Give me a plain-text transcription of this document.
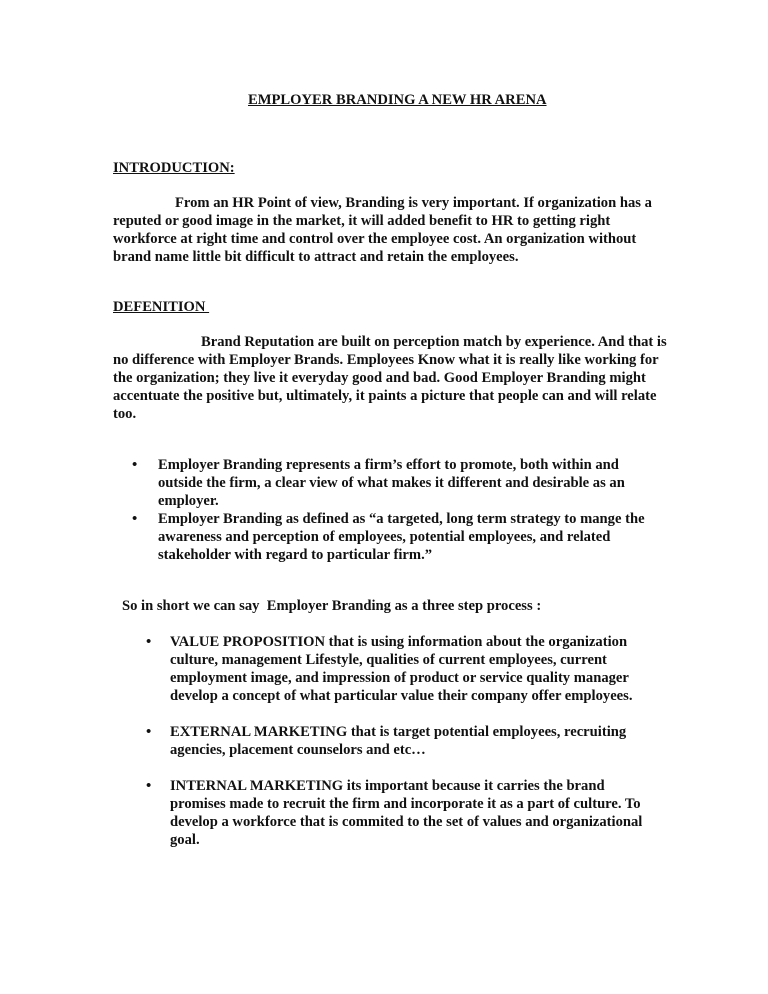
EMPLOYER BRANDING A NEW HR ARENA
INTRODUCTION:

From an HR Point of view, Branding is very important. If organization has a reputed or good image in the market, it will added benefit to HR to getting right workforce at right time and control over the employee cost. An organization without brand name little bit difficult to attract and retain the employees.

DEFENITION

Brand Reputation are built on perception match by experience. And that is no difference with Employer Brands. Employees Know what it is really like working for the organization; they live it everyday good and bad. Good Employer Branding might accentuate the positive but, ultimately, it paints a picture that people can and will relate too.

• Employer Branding represents a firm’s effort to promote, both within and outside the firm, a clear view of what makes it different and desirable as an employer.
• Employer Branding as defined as “a targeted, long term strategy to mange the awareness and perception of employees, potential employees, and related stakeholder with regard to particular firm.”

So in short we can say  Employer Branding as a three step process :

• VALUE PROPOSITION that is using information about the organization culture, management Lifestyle, qualities of current employees, current employment image, and impression of product or service quality manager develop a concept of what particular value their company offer employees.
• EXTERNAL MARKETING that is target potential employees, recruiting agencies, placement counselors and etc…
• INTERNAL MARKETING its important because it carries the brand promises made to recruit the firm and incorporate it as a part of culture. To develop a workforce that is commited to the set of values and organizational goal.
